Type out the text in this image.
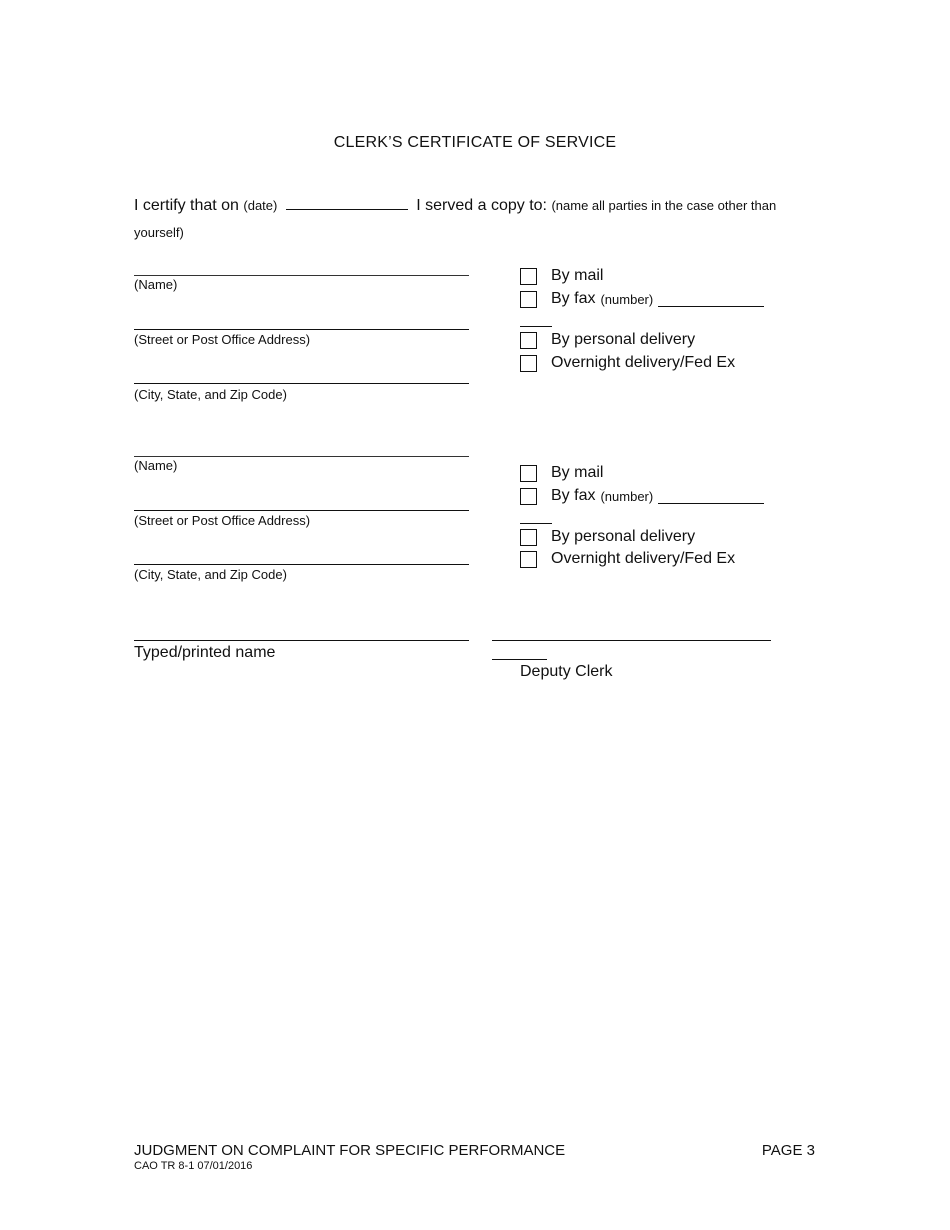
CLERK’S CERTIFICATE OF SERVICE
I certify that on (date)	I served a copy to: (name all parties in the case other than yourself)
(Name)
(Street or Post Office Address)
(City, State, and Zip Code)
By mail
By fax (number)
By personal delivery
Overnight delivery/Fed Ex
(Name)
(Street or Post Office Address)
(City, State, and Zip Code)
By mail
By fax (number)
By personal delivery
Overnight delivery/Fed Ex
Typed/printed name
Deputy Clerk
JUDGMENT ON COMPLAINT FOR SPECIFIC PERFORMANCE	PAGE 3
CAO TR 8-1 07/01/2016
